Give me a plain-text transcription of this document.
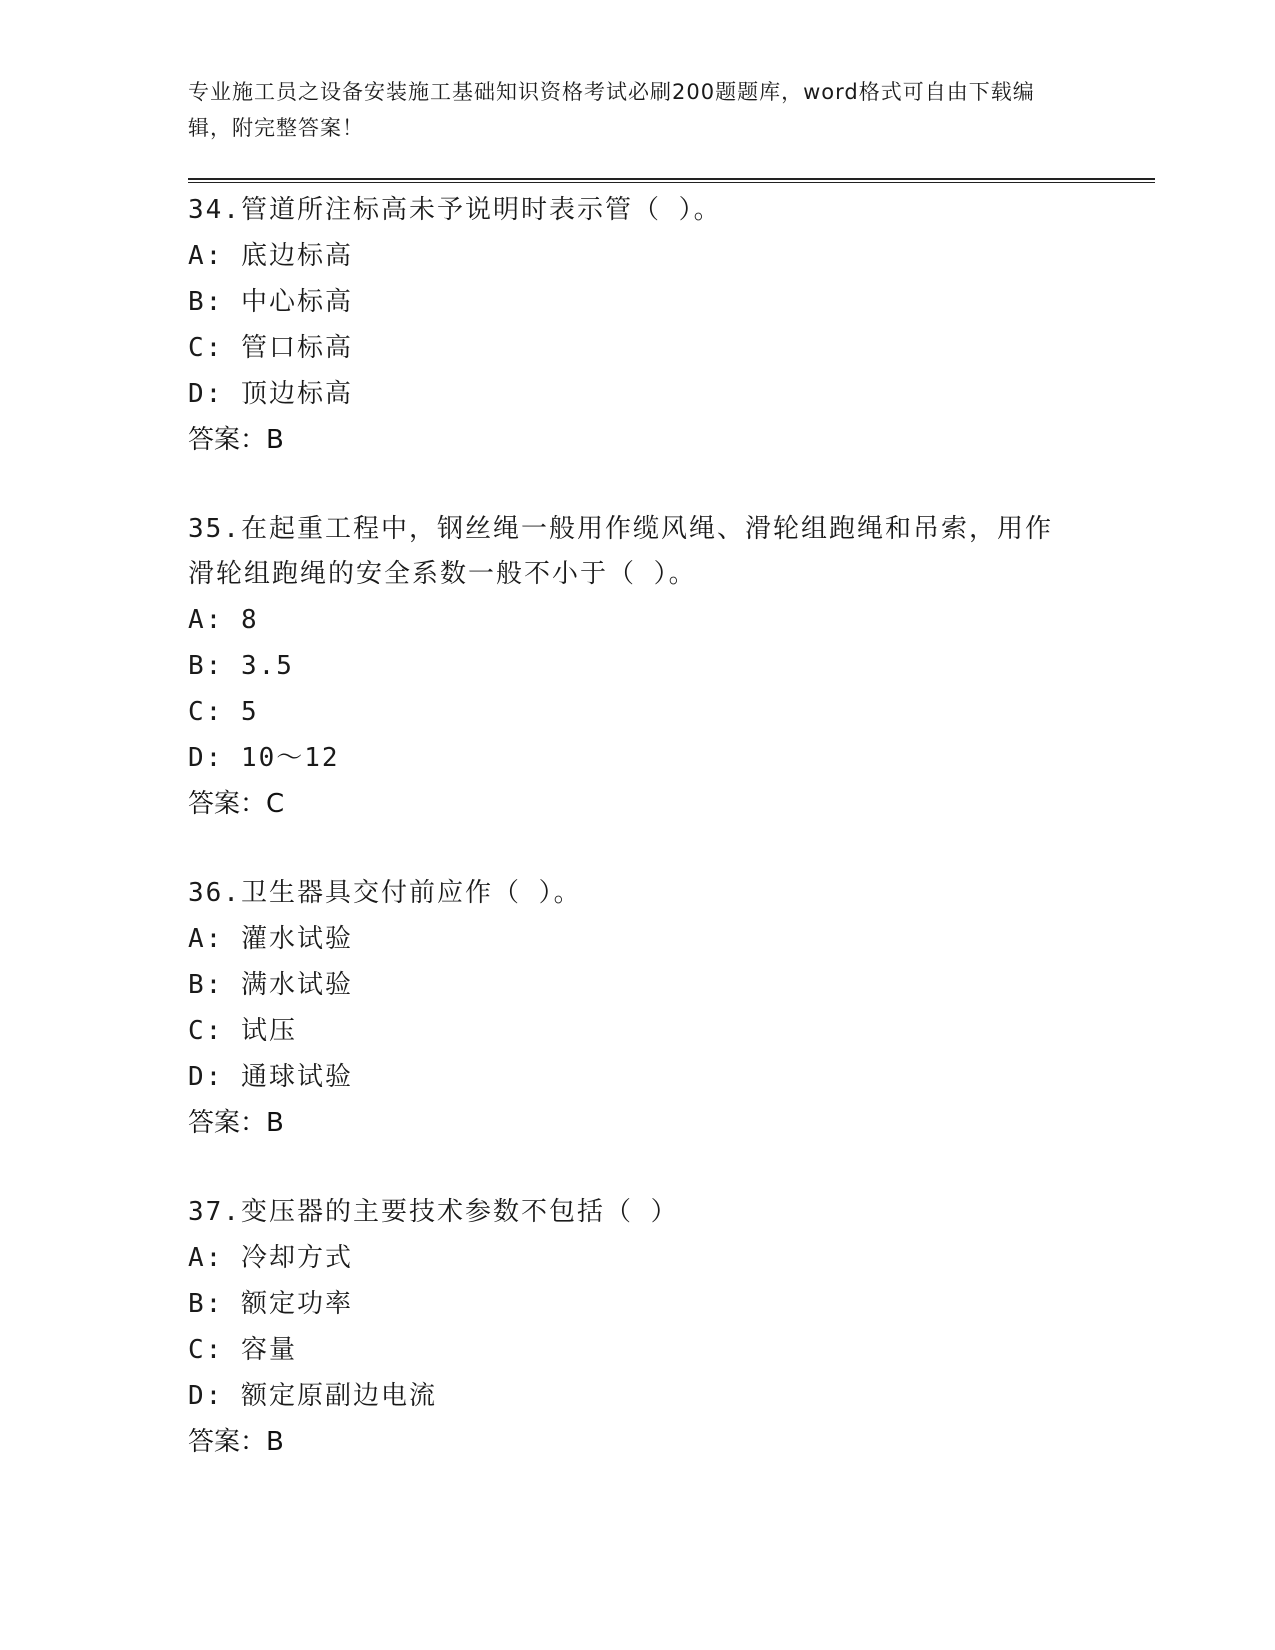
专业施工员之设备安装施工基础知识资格考试必刷200题题库，word格式可自由下载编辑，附完整答案！
34.管道所注标高未予说明时表示管（ ）。
A: 底边标高
B: 中心标高
C: 管口标高
D: 顶边标高
答案：B
35.在起重工程中，钢丝绳一般用作缆风绳、滑轮组跑绳和吊索，用作滑轮组跑绳的安全系数一般不小于（ ）。
A: 8
B: 3.5
C: 5
D: 10～12
答案：C
36.卫生器具交付前应作（ ）。
A: 灌水试验
B: 满水试验
C: 试压
D: 通球试验
答案：B
37.变压器的主要技术参数不包括（ ）
A: 冷却方式
B: 额定功率
C: 容量
D: 额定原副边电流
答案：B
